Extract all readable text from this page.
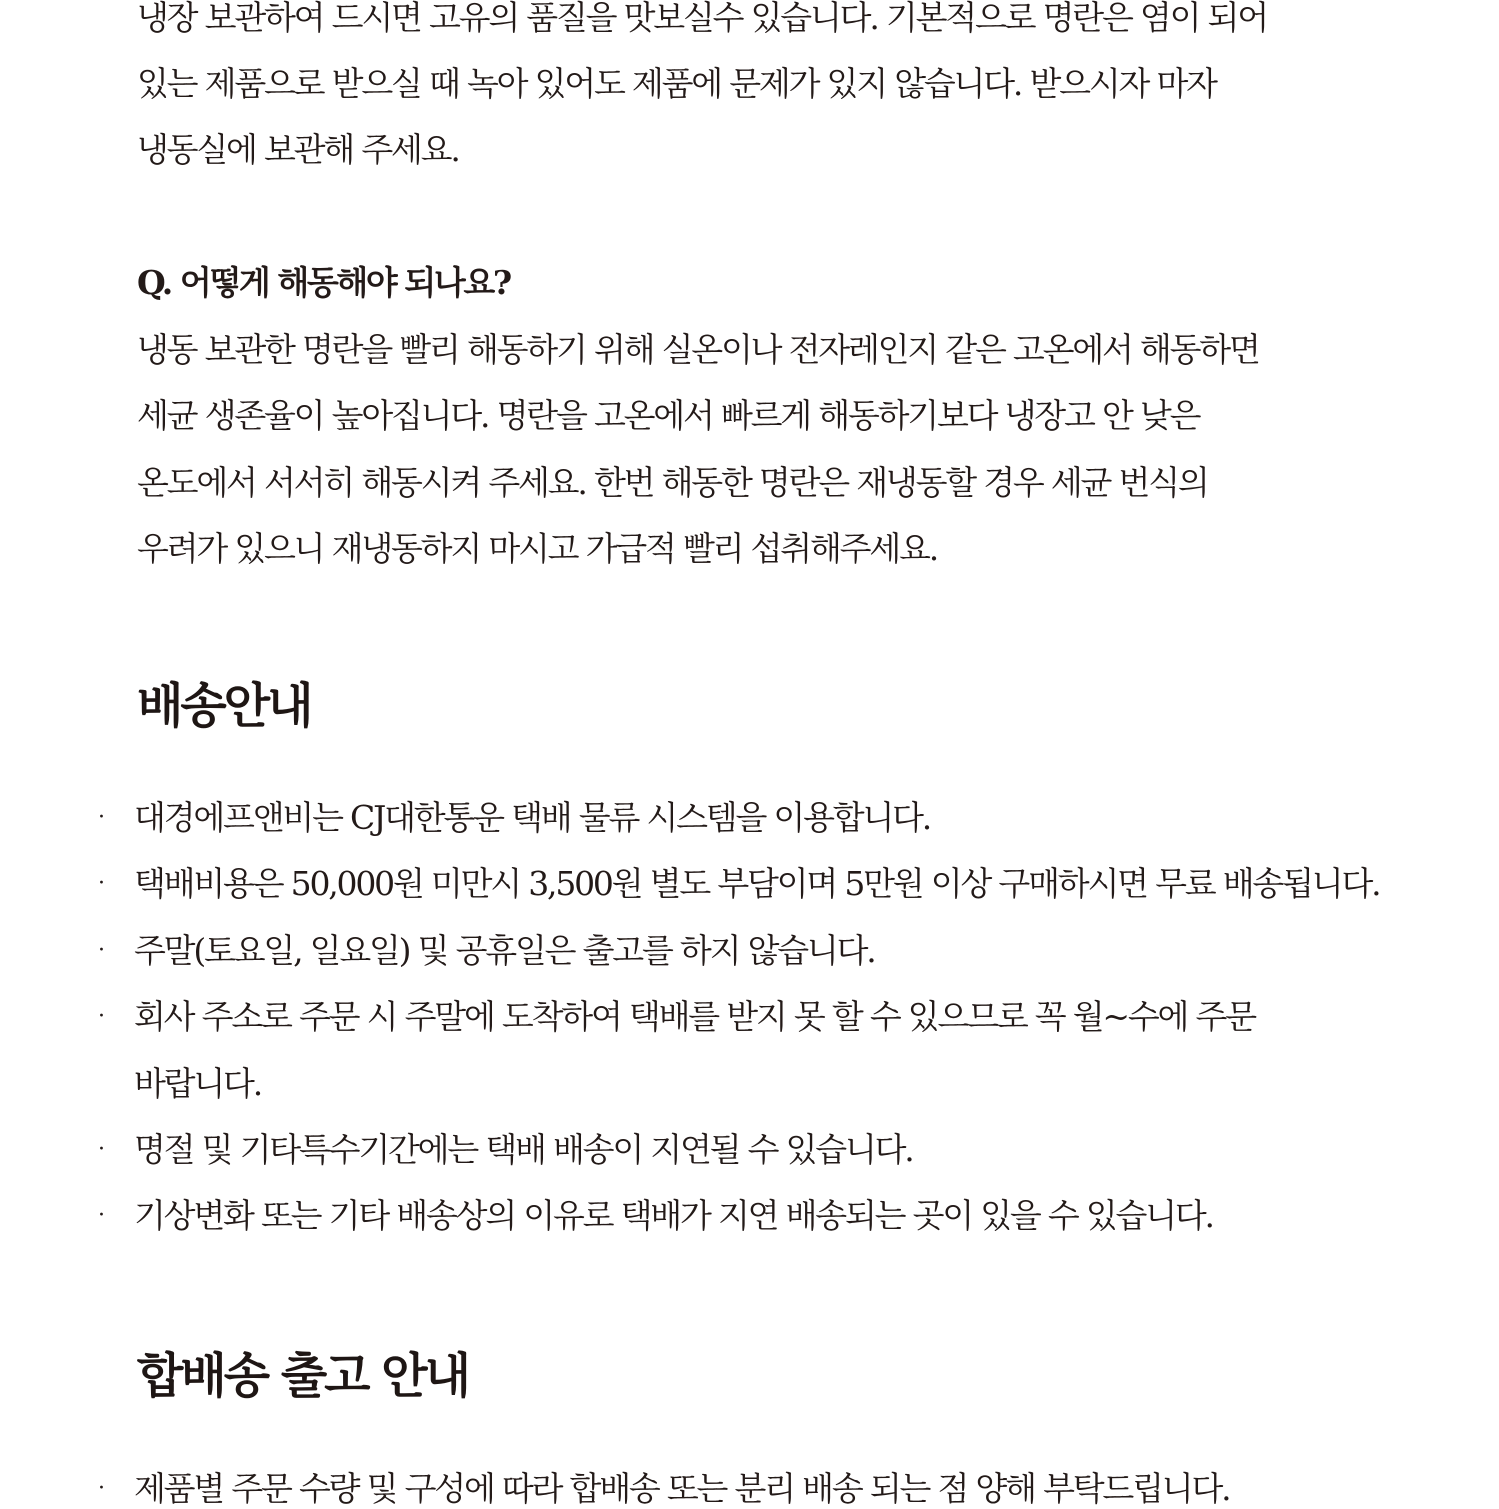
냉장 보관하여 드시면 고유의 품질을 맛보실수 있습니다. 기본적으로 명란은 염이 되어
있는 제품으로 받으실 때 녹아 있어도 제품에 문제가 있지 않습니다. 받으시자 마자
냉동실에 보관해 주세요.
Q. 어떻게 해동해야 되나요?
냉동 보관한 명란을 빨리 해동하기 위해 실온이나 전자레인지 같은 고온에서 해동하면
세균 생존율이 높아집니다. 명란을 고온에서 빠르게 해동하기보다 냉장고 안 낮은
온도에서 서서히 해동시켜 주세요. 한번 해동한 명란은 재냉동할 경우 세균 번식의
우려가 있으니 재냉동하지 마시고 가급적 빨리 섭취해주세요.
배송안내
· 대경에프앤비는 CJ대한통운 택배 물류 시스템을 이용합니다.
· 택배비용은 50,000원 미만시 3,500원 별도 부담이며 5만원 이상 구매하시면 무료 배송됩니다.
· 주말(토요일, 일요일) 및 공휴일은 출고를 하지 않습니다.
· 회사 주소로 주문 시 주말에 도착하여 택배를 받지 못 할 수 있으므로 꼭 월~수에 주문
바랍니다.
· 명절 및 기타특수기간에는 택배 배송이 지연될 수 있습니다.
· 기상변화 또는 기타 배송상의 이유로 택배가 지연 배송되는 곳이 있을 수 있습니다.
합배송 출고 안내
· 제품별 주문 수량 및 구성에 따라 합배송 또는 분리 배송 되는 점 양해 부탁드립니다.
